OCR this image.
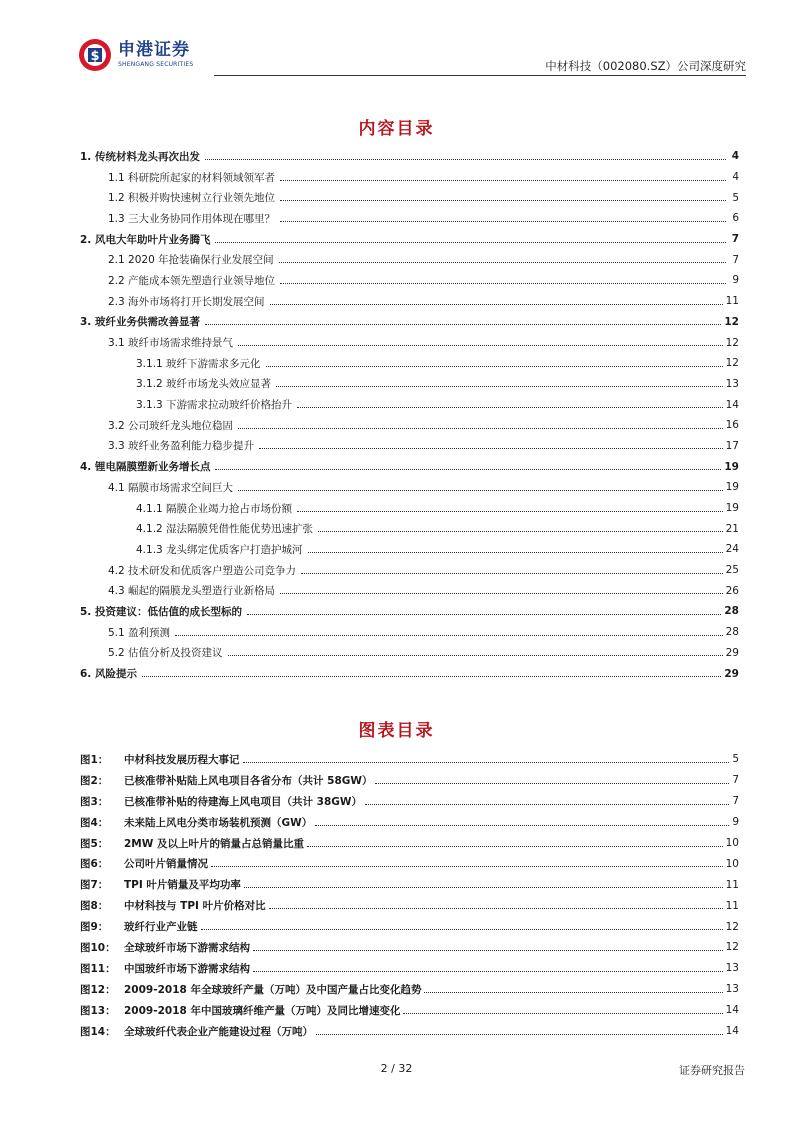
$ 申港证券
SHENGANG SECURITIES	中材科技（002080.SZ）公司深度研究
内容目录
1. 传统材料龙头再次出发	4
1.1 科研院所起家的材料领域领军者	4
1.2 积极并购快速树立行业领先地位	5
1.3 三大业务协同作用体现在哪里？	6
2. 风电大年助叶片业务腾飞	7
2.1 2020 年抢装确保行业发展空间	7
2.2 产能成本领先塑造行业领导地位	9
2.3 海外市场将打开长期发展空间	11
3. 玻纤业务供需改善显著	12
3.1 玻纤市场需求维持景气	12
3.1.1 玻纤下游需求多元化	12
3.1.2 玻纤市场龙头效应显著	13
3.1.3 下游需求拉动玻纤价格抬升	14
3.2 公司玻纤龙头地位稳固	16
3.3 玻纤业务盈利能力稳步提升	17
4. 锂电隔膜塑新业务增长点	19
4.1 隔膜市场需求空间巨大	19
4.1.1 隔膜企业竭力抢占市场份额	19
4.1.2 湿法隔膜凭借性能优势迅速扩张	21
4.1.3 龙头绑定优质客户打造护城河	24
4.2 技术研发和优质客户塑造公司竞争力	25
4.3 崛起的隔膜龙头塑造行业新格局	26
5. 投资建议：低估值的成长型标的	28
5.1 盈利预测	28
5.2 估值分析及投资建议	29
6. 风险提示	29
图表目录
图1：	中材科技发展历程大事记	5
图2：	已核准带补贴陆上风电项目各省分布（共计 58GW）	7
图3：	已核准带补贴的待建海上风电项目（共计 38GW）	7
图4：	未来陆上风电分类市场装机预测（GW）	9
图5：	2MW 及以上叶片的销量占总销量比重	10
图6：	公司叶片销量情况	10
图7：	TPI 叶片销量及平均功率	11
图8：	中材科技与 TPI 叶片价格对比	11
图9：	玻纤行业产业链	12
图10： 全球玻纤市场下游需求结构	12
图11： 中国玻纤市场下游需求结构	13
图12： 2009-2018 年全球玻纤产量（万吨）及中国产量占比变化趋势	13
图13： 2009-2018 年中国玻璃纤维产量（万吨）及同比增速变化	14
图14： 全球玻纤代表企业产能建设过程（万吨）	14
2 / 32	证券研究报告
